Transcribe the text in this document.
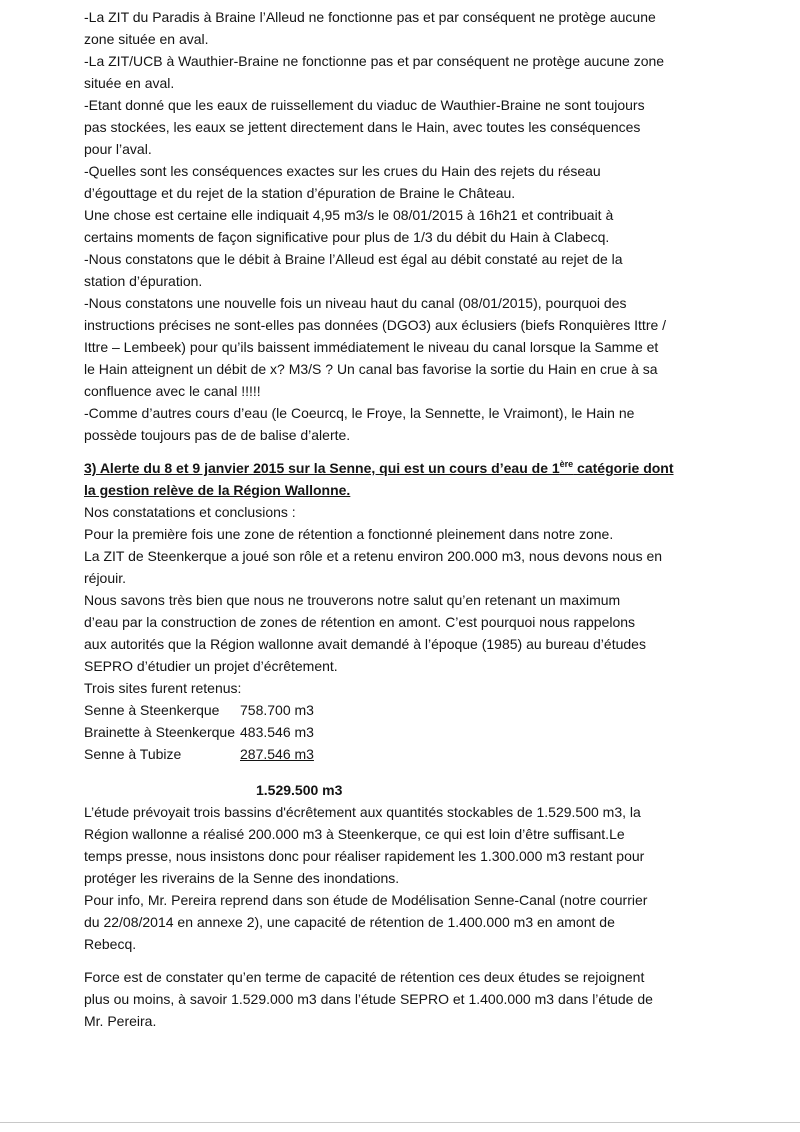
-La ZIT du Paradis à Braine l’Alleud ne fonctionne pas et par conséquent ne protège aucune
zone située en aval.
-La ZIT/UCB à Wauthier-Braine ne fonctionne pas et par conséquent ne protège aucune zone
située en aval.
-Etant donné que les eaux de ruissellement du viaduc de Wauthier-Braine ne sont toujours
pas stockées, les eaux se jettent directement dans le Hain, avec toutes les conséquences
pour l’aval.
-Quelles sont les conséquences exactes sur les crues du Hain des rejets du réseau
d’égouttage et du rejet de la station d’épuration de Braine le Château.
Une chose est certaine elle indiquait 4,95 m3/s le 08/01/2015 à 16h21 et contribuait à
certains moments de façon significative pour plus de 1/3 du débit du Hain à Clabecq.
-Nous constatons que le débit à Braine l’Alleud est égal au débit constaté au rejet de la
station d’épuration.
-Nous constatons une nouvelle fois un niveau haut du canal (08/01/2015), pourquoi des
instructions précises ne sont-elles pas données (DGO3) aux éclusiers (biefs Ronquières Ittre /
Ittre – Lembeek) pour qu’ils baissent immédiatement le niveau du canal lorsque la Samme et
le Hain atteignent un débit de x? M3/S ? Un canal bas favorise la sortie du Hain en crue à sa
confluence avec le canal !!!!!
-Comme d’autres cours d’eau (le Coeurcq, le Froye, la Sennette, le Vraimont), le Hain ne
possède toujours pas de de balise d’alerte.
3) Alerte du 8 et 9 janvier 2015 sur la Senne, qui est un cours d’eau de 1ère catégorie dont
la gestion relève de la Région Wallonne.
Nos constatations et conclusions :
Pour la première fois une zone de rétention a fonctionné pleinement dans notre zone.
La ZIT de Steenkerque a joué son rôle et a retenu environ 200.000 m3, nous devons nous en
réjouir.
Nous savons très bien que nous ne trouverons notre salut qu’en retenant un maximum
d’eau par la construction de zones de rétention en amont. C’est pourquoi nous rappelons
aux autorités que la Région wallonne avait demandé à l’époque (1985) au bureau d’études
SEPRO d’étudier un projet d’écrêtement.
Trois sites furent retenus:
Senne à Steenkerque	758.700 m3
Brainette à Steenkerque	483.546 m3
Senne à Tubize	287.546 m3
1.529.500 m3
L’étude prévoyait trois bassins d'écrêtement aux quantités stockables de 1.529.500 m3, la
Région wallonne a réalisé 200.000 m3 à Steenkerque, ce qui est loin d’être suffisant.Le
temps presse, nous insistons donc pour réaliser rapidement les 1.300.000 m3 restant pour
protéger les riverains de la Senne des inondations.
Pour info, Mr. Pereira reprend dans son étude de Modélisation Senne-Canal (notre courrier
du 22/08/2014 en annexe 2), une capacité de rétention de 1.400.000 m3 en amont de
Rebecq.
Force est de constater qu’en terme de capacité de rétention ces deux études se rejoignent
plus ou moins, à savoir 1.529.000 m3 dans l’étude SEPRO et 1.400.000 m3 dans l’étude de
Mr. Pereira.
